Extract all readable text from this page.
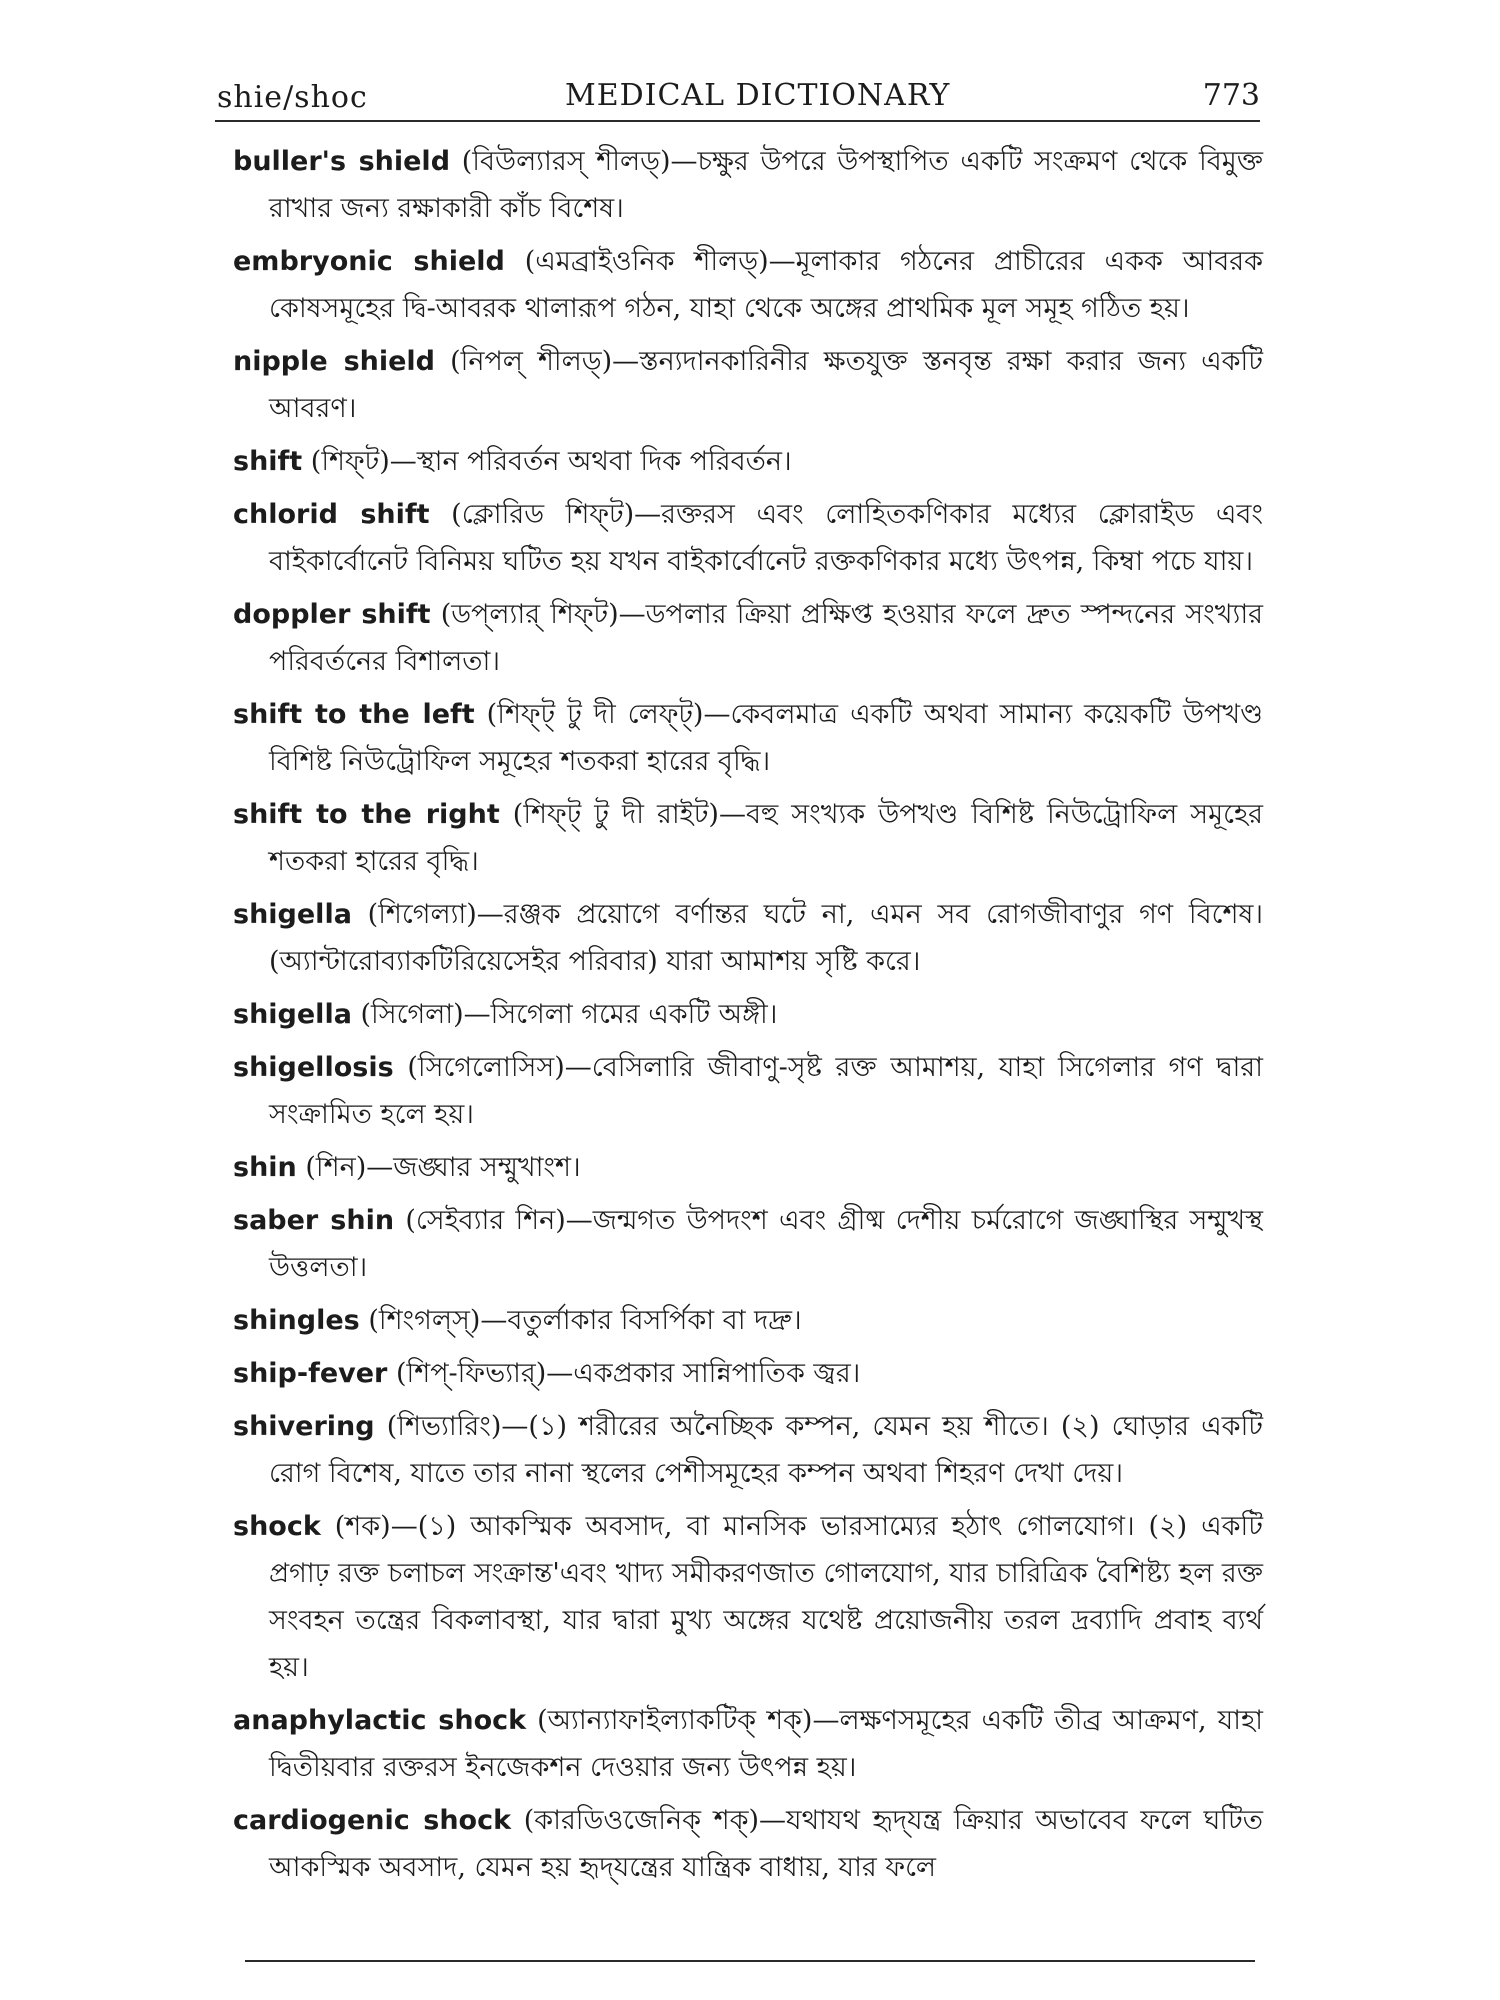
shie/shoc	MEDICAL DICTIONARY	773

buller's shield (বিউল্যারস্ শীলড্)—চক্ষুর উপরে উপস্থাপিত একটি সংক্রমণ থেকে বিমুক্ত রাখার জন্য রক্ষাকারী কাঁচ বিশেষ।

embryonic shield (এমব্রাইওনিক শীলড্)—মূলাকার গঠনের প্রাচীরের একক আবরক কোষসমূহের দ্বি-আবরক থালারূপ গঠন, যাহা থেকে অঙ্গের প্রাথমিক মূল সমূহ গঠিত হয়।

nipple shield (নিপল্ শীলড্)—স্তন্যদানকারিনীর ক্ষতযুক্ত স্তনবৃন্ত রক্ষা করার জন্য একটি আবরণ।

shift (শিফ্‌ট)—স্থান পরিবর্তন অথবা দিক পরিবর্তন।

chlorid shift (ক্লোরিড শিফ্‌ট)—রক্তরস এবং লোহিতকণিকার মধ্যের ক্লোরাইড এবং বাইকার্বোনেট বিনিময় ঘটিত হয় যখন বাইকার্বোনেট রক্তকণিকার মধ্যে উৎপন্ন, কিম্বা পচে যায়।

doppler shift (ডপ্‌ল্যার্ শিফ্‌ট)—ডপলার ক্রিয়া প্রক্ষিপ্ত হওয়ার ফলে দ্রুত স্পন্দনের সংখ্যার পরিবর্তনের বিশালতা।

shift to the left (শিফ্‌ট্ টু দী লেফ্‌ট্)—কেবলমাত্র একটি অথবা সামান্য কয়েকটি উপখণ্ড বিশিষ্ট নিউট্রোফিল সমূহের শতকরা হারের বৃদ্ধি।

shift to the right (শিফ্‌ট্ টু দী রাইট)—বহু সংখ্যক উপখণ্ড বিশিষ্ট নিউট্রোফিল সমূহের শতকরা হারের বৃদ্ধি।

shigella (শিগেল্যা)—রঞ্জক প্রয়োগে বর্ণান্তর ঘটে না, এমন সব রোগজীবাণুর গণ বিশেষ। (অ্যান্টারোব্যাকটিরিয়েসেইর পরিবার) যারা আমাশয় সৃষ্টি করে।

shigella (সিগেলা)—সিগেলা গমের একটি অঙ্গী।

shigellosis (সিগেলোসিস)—বেসিলারি জীবাণু-সৃষ্ট রক্ত আমাশয়, যাহা সিগেলার গণ দ্বারা সংক্রামিত হলে হয়।

shin (শিন)—জঙ্ঘার সম্মুখাংশ।

saber shin (সেইব্যার শিন)—জন্মগত উপদংশ এবং গ্রীষ্ম দেশীয় চর্মরোগে জঙ্ঘাস্থির সম্মুখস্থ উত্তলতা।

shingles (শিংগল্‌স্)—বতুর্লাকার বিসর্পিকা বা দদ্রু।

ship-fever (শিপ্-ফিভ্যার্)—একপ্রকার সান্নিপাতিক জ্বর।

shivering (শিভ্যারিং)—(১) শরীরের অনৈচ্ছিক কম্পন, যেমন হয় শীতে। (২) ঘোড়ার একটি রোগ বিশেষ, যাতে তার নানা স্থলের পেশীসমূহের কম্পন অথবা শিহরণ দেখা দেয়।

shock (শক)—(১) আকস্মিক অবসাদ, বা মানসিক ভারসাম্যের হঠাৎ গোলযোগ। (২) একটি প্রগাঢ় রক্ত চলাচল সংক্রান্ত'এবং খাদ্য সমীকরণজাত গোলযোগ, যার চারিত্রিক বৈশিষ্ট্য হল রক্ত সংবহন তন্ত্রের বিকলাবস্থা, যার দ্বারা মুখ্য অঙ্গের যথেষ্ট প্রয়োজনীয় তরল দ্রব্যাদি প্রবাহ ব্যর্থ হয়।

anaphylactic shock (অ্যান্যাফাইল্যাকটিক্ শক্)—লক্ষণসমূহের একটি তীব্র আক্রমণ, যাহা দ্বিতীয়বার রক্তরস ইনজেকশন দেওয়ার জন্য উৎপন্ন হয়।

cardiogenic shock (কারডিওজেনিক্ শক্)—যথাযথ হৃদ্‌যন্ত্র ক্রিয়ার অভাবেব ফলে ঘটিত আকস্মিক অবসাদ, যেমন হয় হৃদ্‌যন্ত্রের যান্ত্রিক বাধায়, যার ফলে
